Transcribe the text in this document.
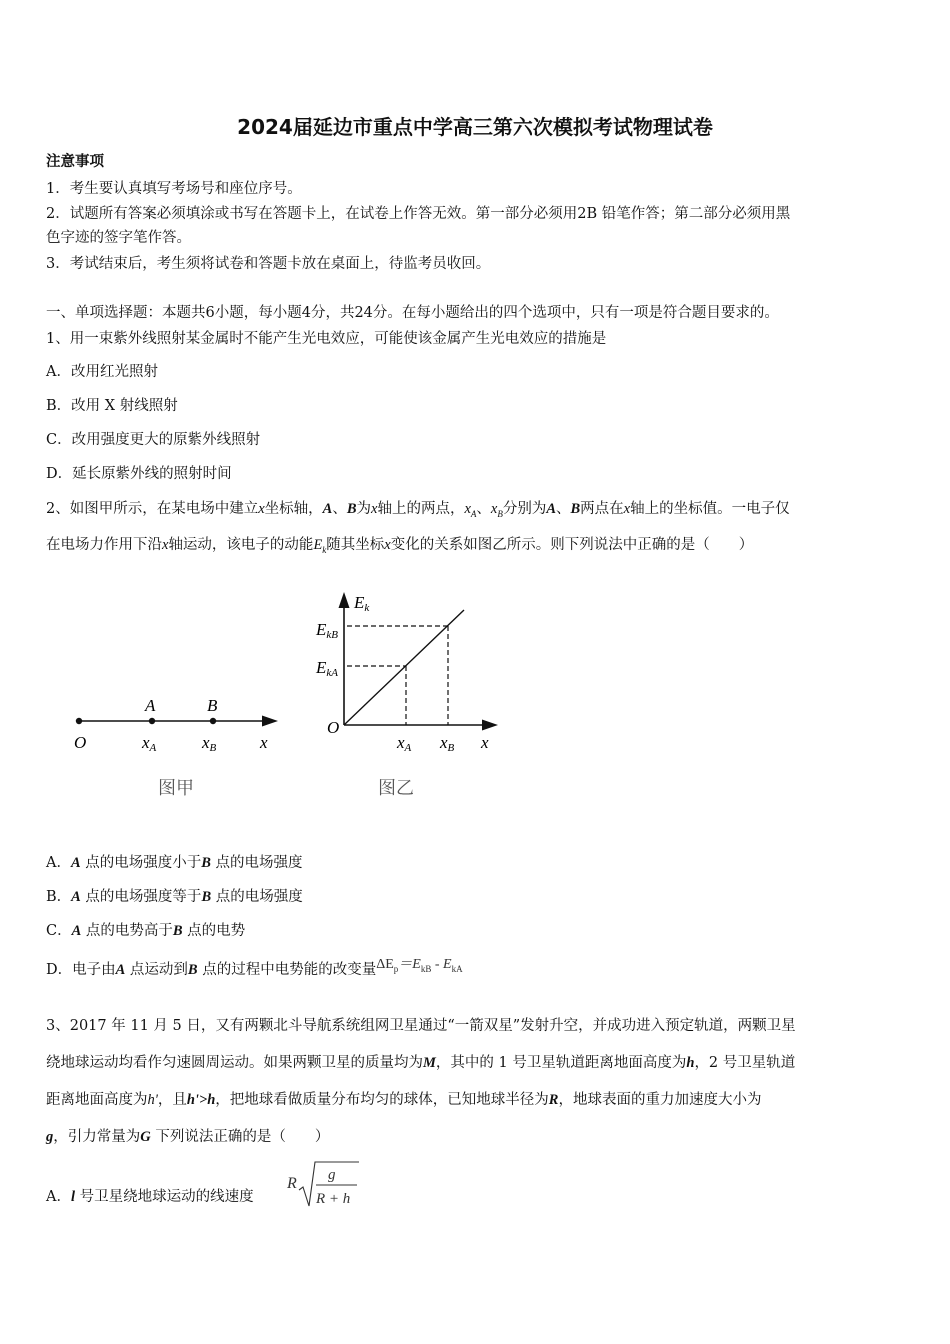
2024届延边市重点中学高三第六次模拟考试物理试卷
注意事项
1．考生要认真填写考场号和座位序号。
2．试题所有答案必须填涂或书写在答题卡上，在试卷上作答无效。第一部分必须用2B 铅笔作答；第二部分必须用黑
色字迹的签字笔作答。
3．考试结束后，考生须将试卷和答题卡放在桌面上，待监考员收回。
一、单项选择题：本题共6小题，每小题4分，共24分。在每小题给出的四个选项中，只有一项是符合题目要求的。
1、用一束紫外线照射某金属时不能产生光电效应，可能使该金属产生光电效应的措施是
A．改用红光照射
B．改用 X 射线照射
C．改用强度更大的原紫外线照射
D．延长原紫外线的照射时间
2、如图甲所示，在某电场中建立x坐标轴，A、B为x轴上的两点，$x_A$、$x_B$分别为A、B两点在x轴上的坐标值。一电子仅
在电场力作用下沿x轴运动，该电子的动能$E_k$随其坐标x变化的关系如图乙所示。则下列说法中正确的是（　　）
A	B
O	xA	xB	x
图甲
Ek
EkB
EkA
O
xA xB x
图乙
A．A 点的电场强度小于B 点的电场强度
B．A 点的电场强度等于B 点的电场强度
C．A 点的电势高于B 点的电势
D．电子由A 点运动到B 点的过程中电势能的改变量$\Delta E_p=E_{kB} - E_{kA}$
3、2017 年 11 月 5 日，又有两颗北斗导航系统组网卫星通过“一箭双星”发射升空，并成功进入预定轨道，两颗卫星
绕地球运动均看作匀速圆周运动。如果两颗卫星的质量均为M，其中的 1 号卫星轨道距离地面高度为h，2 号卫星轨道
距离地面高度为h'，且h'>h，把地球看做质量分布均匀的球体，已知地球半径为R，地球表面的重力加速度大小为
g，引力常量为G 下列说法正确的是（　　）
A．l 号卫星绕地球运动的线速度
R g
R + h
